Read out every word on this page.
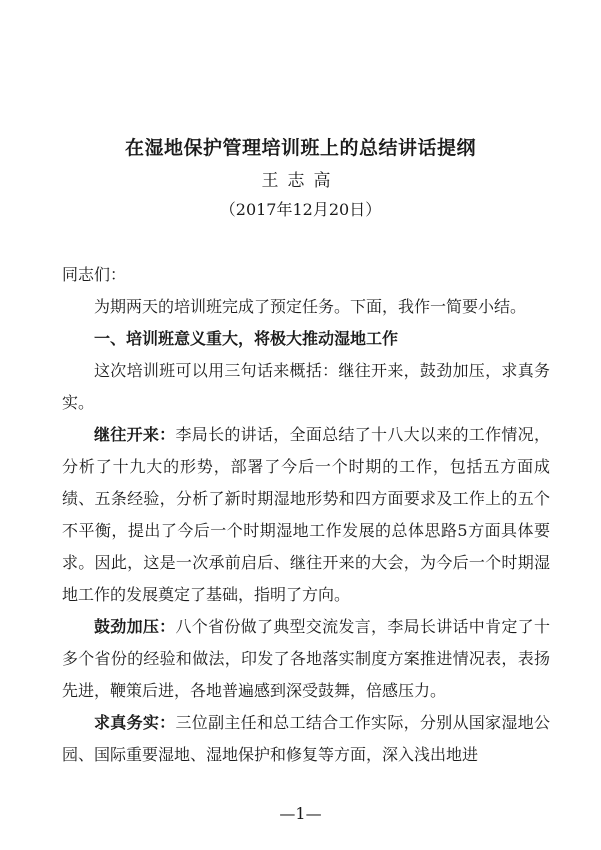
在湿地保护管理培训班上的总结讲话提纲
王志高
（2017年12月20日）

同志们：

为期两天的培训班完成了预定任务。下面，我作一简要小结。

一、培训班意义重大，将极大推动湿地工作

这次培训班可以用三句话来概括：继往开来，鼓劲加压，求真务实。

继往开来：李局长的讲话，全面总结了十八大以来的工作情况，分析了十九大的形势，部署了今后一个时期的工作，包括五方面成绩、五条经验，分析了新时期湿地形势和四方面要求及工作上的五个不平衡，提出了今后一个时期湿地工作发展的总体思路5方面具体要求。因此，这是一次承前启后、继往开来的大会，为今后一个时期湿地工作的发展奠定了基础，指明了方向。

鼓劲加压：八个省份做了典型交流发言，李局长讲话中肯定了十多个省份的经验和做法，印发了各地落实制度方案推进情况表，表扬先进，鞭策后进，各地普遍感到深受鼓舞，倍感压力。

求真务实：三位副主任和总工结合工作实际，分别从国家湿地公园、国际重要湿地、湿地保护和修复等方面，深入浅出地进

—1—
